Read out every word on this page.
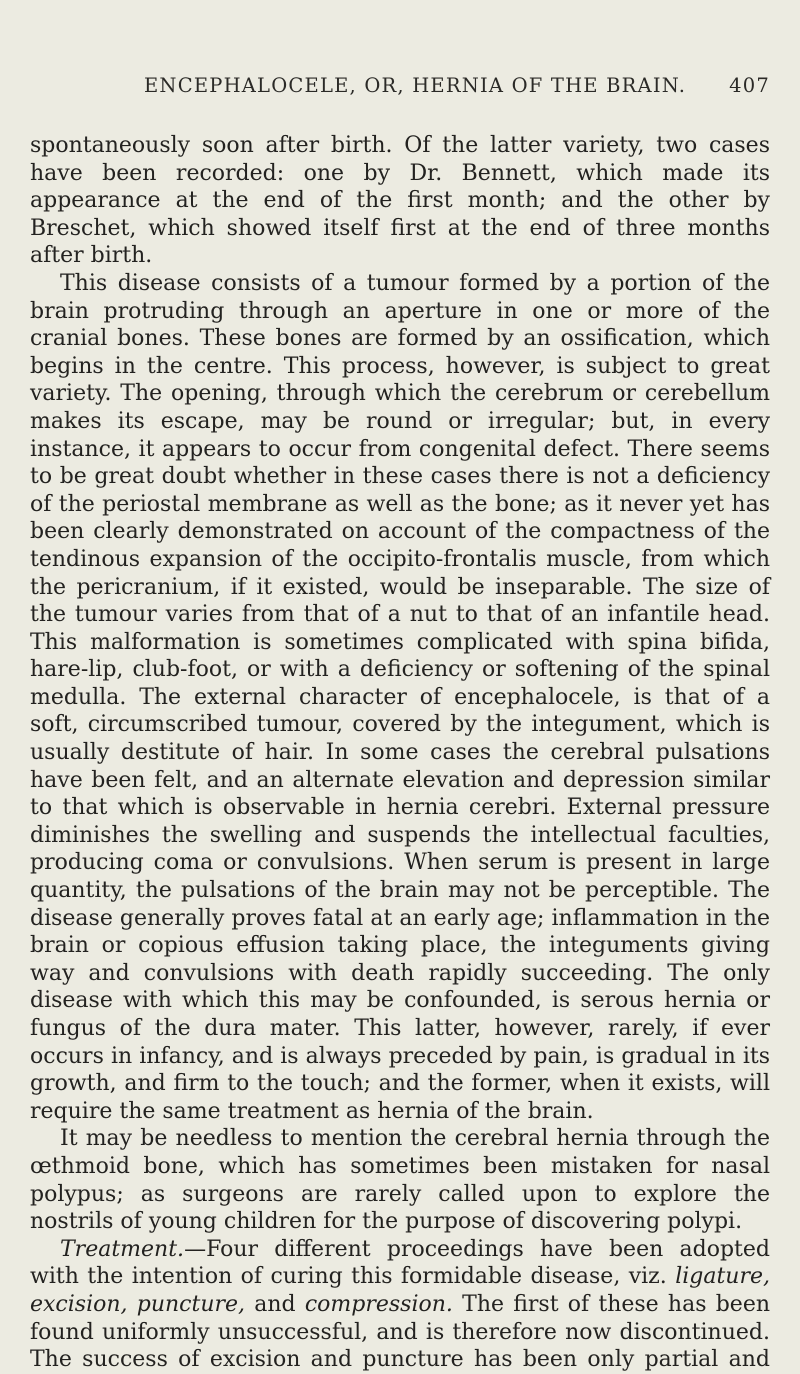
ENCEPHALOCELE, OR, HERNIA OF THE BRAIN. 407

spontaneously soon after birth. Of the latter variety, two cases have been recorded: one by Dr. Bennett, which made its appearance at the end of the first month; and the other by Breschet, which showed itself first at the end of three months after birth.

This disease consists of a tumour formed by a portion of the brain protruding through an aperture in one or more of the cranial bones. These bones are formed by an ossification, which begins in the centre. This process, however, is subject to great variety. The opening, through which the cerebrum or cerebellum makes its escape, may be round or irregular; but, in every instance, it appears to occur from congenital defect. There seems to be great doubt whether in these cases there is not a deficiency of the periostal membrane as well as the bone; as it never yet has been clearly demonstrated on account of the compactness of the tendinous expansion of the occipito-frontalis muscle, from which the pericranium, if it existed, would be inseparable. The size of the tumour varies from that of a nut to that of an infantile head. This malformation is sometimes complicated with spina bifida, hare-lip, club-foot, or with a deficiency or softening of the spinal medulla. The external character of encephalocele, is that of a soft, circumscribed tumour, covered by the integument, which is usually destitute of hair. In some cases the cerebral pulsations have been felt, and an alternate elevation and depression similar to that which is observable in hernia cerebri. External pressure diminishes the swelling and suspends the intellectual faculties, producing coma or convulsions. When serum is present in large quantity, the pulsations of the brain may not be perceptible. The disease generally proves fatal at an early age; inflammation in the brain or copious effusion taking place, the integuments giving way and convulsions with death rapidly succeeding. The only disease with which this may be confounded, is serous hernia or fungus of the dura mater. This latter, however, rarely, if ever occurs in infancy, and is always preceded by pain, is gradual in its growth, and firm to the touch; and the former, when it exists, will require the same treatment as hernia of the brain.

It may be needless to mention the cerebral hernia through the œthmoid bone, which has sometimes been mistaken for nasal polypus; as surgeons are rarely called upon to explore the nostrils of young children for the purpose of discovering polypi.

Treatment.—Four different proceedings have been adopted with the intention of curing this formidable disease, viz. ligature, excision, puncture, and compression. The first of these has been found uniformly unsuccessful, and is therefore now discontinued. The success of excision and puncture has been only partial and
